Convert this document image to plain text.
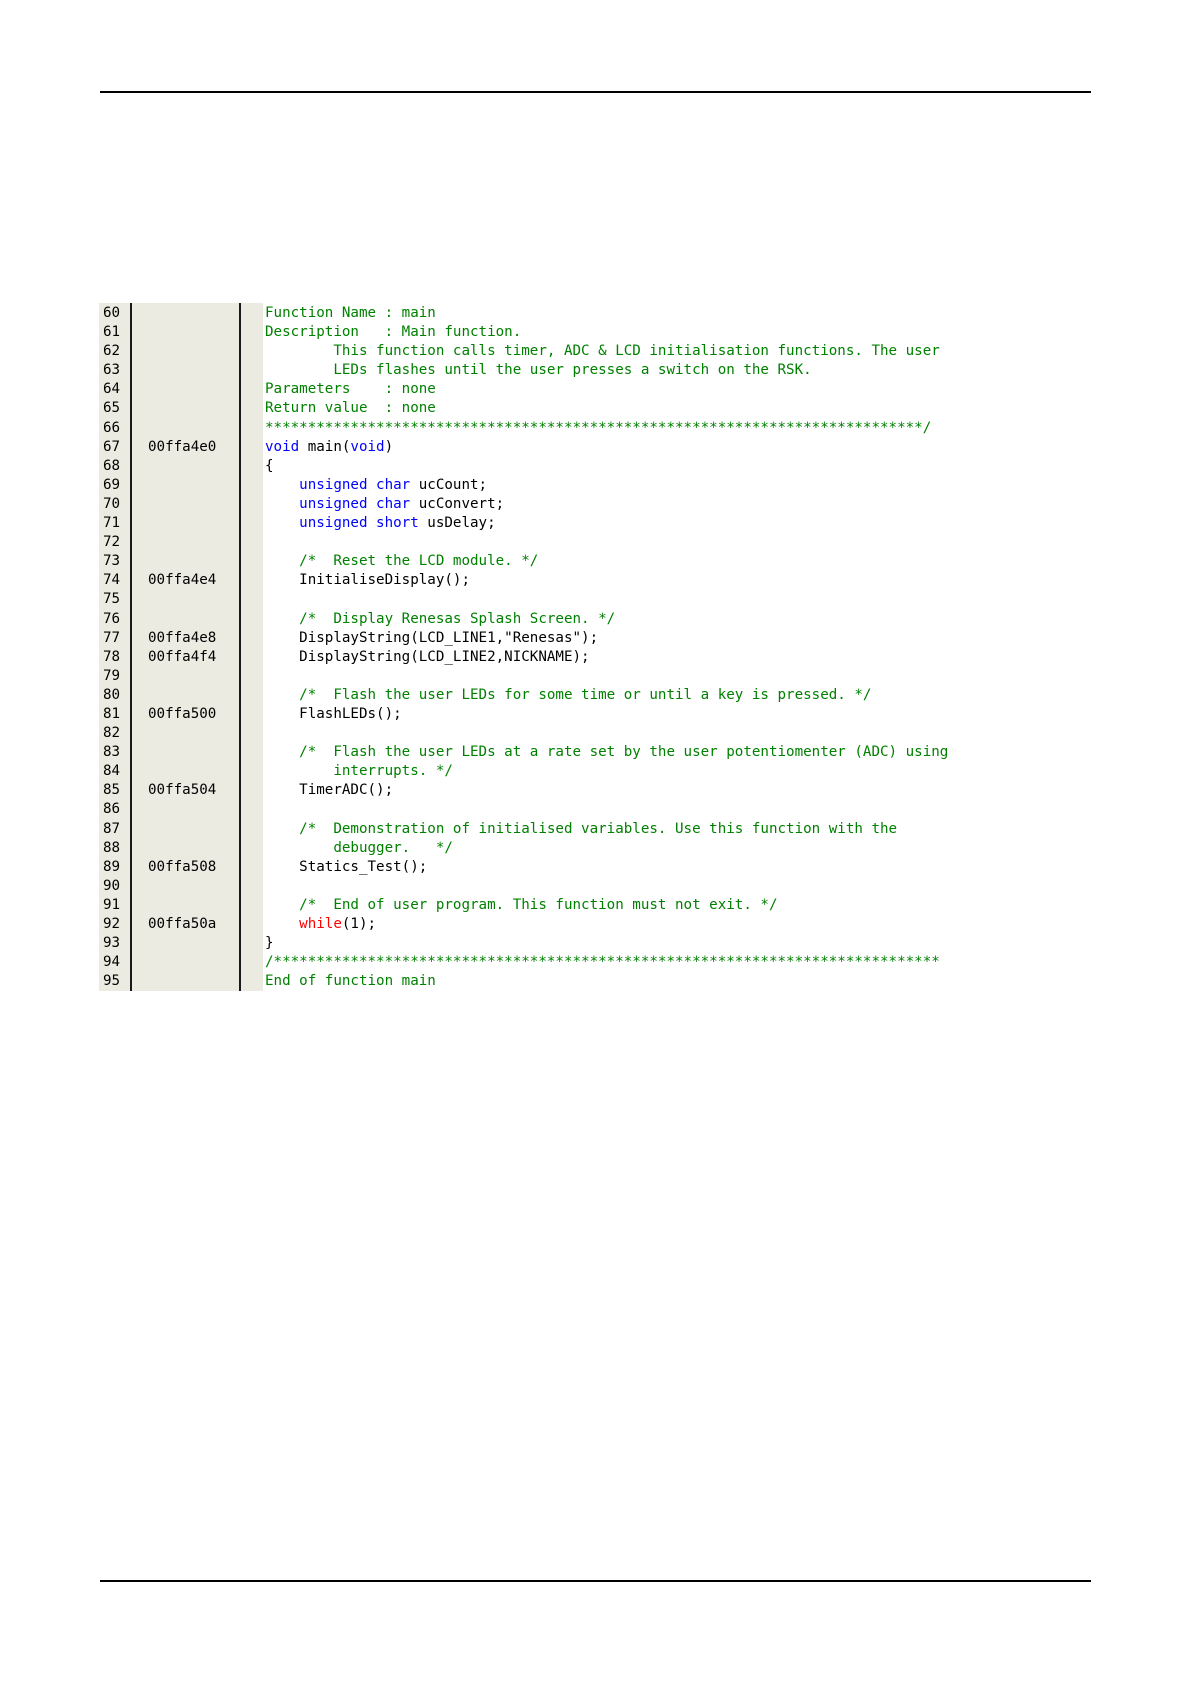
60	Function Name : main
61	Description   : Main function.
62	This function calls timer, ADC & LCD initialisation functions. The user
63	LEDs flashes until the user presses a switch on the RSK.
64	Parameters    : none
65	Return value  : none
66	*****************************************************************************/
67 00ffa4e0	void main(void)
68	{
69	unsigned char ucCount;
70	unsigned char ucConvert;
71	unsigned short usDelay;
72
73	/*  Reset the LCD module. */
74 00ffa4e4	InitialiseDisplay();
75
76	/*  Display Renesas Splash Screen. */
77 00ffa4e8	DisplayString(LCD_LINE1,"Renesas");
78 00ffa4f4	DisplayString(LCD_LINE2,NICKNAME);
79
80	/*  Flash the user LEDs for some time or until a key is pressed. */
81 00ffa500	FlashLEDs();
82
83	/*  Flash the user LEDs at a rate set by the user potentiomenter (ADC) using
84	interrupts. */
85 00ffa504	TimerADC();
86
87	/*  Demonstration of initialised variables. Use this function with the
88	debugger.   */
89 00ffa508	Statics_Test();
90
91	/*  End of user program. This function must not exit. */
92 00ffa50a	while(1);
93	}
94	/******************************************************************************
95	End of function main
